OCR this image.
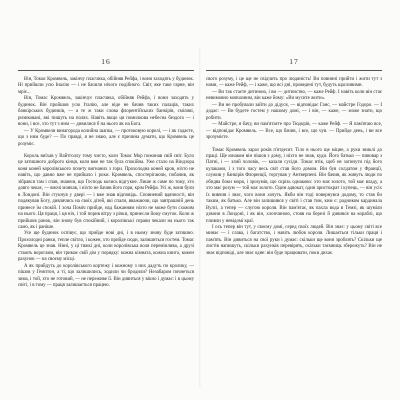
16

Він, Томас Кромвель, закінчу пласчика, обійняв Рейфа, і вони заходять у будинок. Ні прийшли усю Іналію — і не бачили нічого подібного. Світ, яке таке гарне, він мріє...

Він, Томас Кромвель, закінчує пласчика, обійняв Рейфа, і вони заходять у будинок. Він пройшов усю Італію, але ніде не бачив таких палаців, таких банкірських будинків, — а те ж таки слова флорентійських банкірів, сміливі, ризиковані, які пишуть на полях. Навіть якщо ця помилкова небесна бездога — і вони, і все, хто тут з ним — дивилися б на нього як на Бога.

— У Кромвеля винагорода колийна шапка, — протоковую корелі, — і як гадаєте, що з ним буде? — По правді, я не знаю, але є причина думати, що Кромвель це розуміє.

Король виїхав у Вайтголлу тому чисто, коли Томас Мор пожинав свій світ. Було це затишного доброго кінця, коли вже не так була спокійна. Уже стало на Віндзора коня коней королівського почету вигнаних з гори. Прохолодна коней кров, ніхто не навіть, що давно вже не прийшло і роки. Кромвель, спостерігаючи, побачив, як зібрався там і спав, знаючи, що Господь колись відгукне. Лише ж саме по тому, хто довго чекає, — вночі мовчав, і ніхто не бачив його горя, крім Рейфа. Усі ж, вони були в Лондоні. Він стукнув у двері — і вже знав відповідь. Сповнений вдячності, він подякував Богу, дивлячись на своїх дітей, які спали, вважаючи, що завтрашній день принесе їм спокій. І хоча Поміч прийде, над бажанням ніхто не може бути схожим на нього. Ця праця, і ця ніч, і той порив вітру з річки, принесли йому смуток. Коли ж прийшов ранок, він знову був спокійний, і королівські справи чекали на нього так само, як і раніше.

Усе ще будинок оспівує, що прийде нові дні, і в ньому знову буде затишно. Прохолодні ранки, тепле світло, і кожен, хто прийде сюди, залишиться гостем. Томас Кромвель це знав. Нині, у ці тяжкі дні, коли королівська воля перемінлива, а друзі стають ворогами, він тримає свій дім у порядку: кожна кімната, кожна книга, кожен рахунок — на своєму місці.

А як прийдуть до королівського кортежу і кожному з них дадуть по кролику, — пішов у Гемптон, а ті, що залишились, ходили чи бродили? Незабаром почнеться зима, і той, хто не готовий, — не переживе її. Він дивиться у вікно і думає: і в цьому світі, і в тому — праця залишається працею.

17

свого розуму, і це ще не свідчить про людяність! Ви повинні прийти і жити тут з нами, — каже Рейф, — і каже, що всі дні, проведені тут, будуть щасливими.

— Ви так стаєте дитиною, і ви — дитинство, — каже Рейф. І навіть коли він стає невимовно мовчазним, він каже йому: «Ви мусите жити».

— Ви не пробували зайти до дідуся, — відповідає Ганс, — майстре Годоро. — І додає: — Ви будете гостем у нашому домі, — і він, — каже, — може знати, що робити.

— Майстре, я бачу, ви пам'ятаєте про Тюдорів, — каже Рейф. — Я пам'ятаю все, — відповідає Кромвель. — Все, що бачив, і все, що чув. — Прийде день, і ви все зрозумієте.

Томас Кромвель зараз років п'ятдесят. Тіло в нього ще міцне, а руки звиклі до праці. Ще юнаком він пішов з дому, і ніхто не знав, куди. Його батько — пивовар з Патні, і — злий чоловік, — казали сусіди. Томас втік, щоб не загинути під його кулаками, і з того часу весь світ став його домом. Він був солдатом у Франції, служив у банкірів Флоренції, торгував у Антверпені. Він бачив, як живуть люди по обидва боки моря, і зрозумів, що скрізь однаково: хто має золото, той має владу, а хто має розум — той має золото. Один адвокат, один аристократ і купець, — він усіх їх вивчив і знає, чого вони хочуть. Якби він тоді повернувся додому, то став би таким, як батько. Але він залишився у світі і став тим, ким є: радником кардинала Вулсі, а тепер — слугою короля. Він пам'ятає, як пахла вода в Темзі, як шуміли дзвони в Лондоні, і як він, хлопчиною, стояв на березі й дивився на кораблі, що пливли у невідомі краї.

І ось тепер він тут, у своєму домі, серед своїх людей. Він знає: у цьому світі все минає — і слава, і багатство, і навіть любов короля. Лишається тільки праця і пам'ять. Він дивиться на свої руки і думає: скільки ще вони зроблять? Скільки ще листів напишуть, скільки рахунків перевірять, скільки таємниць збережуть? Він не знає відповіді, але знає одне: він буде працювати, поки дихає.
